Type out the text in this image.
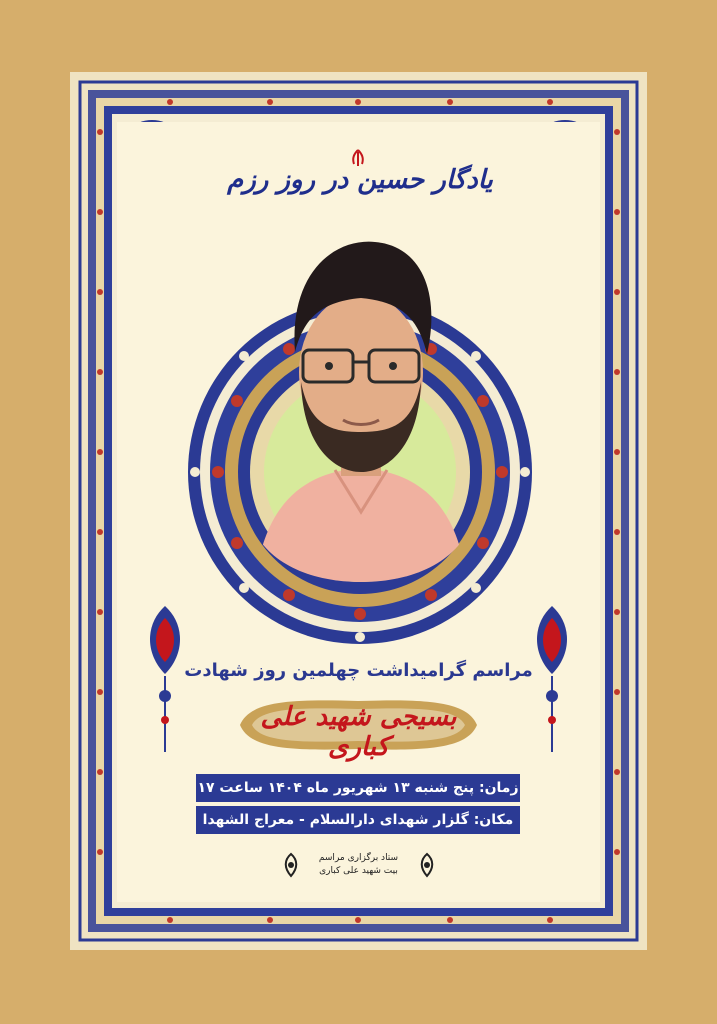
یادگار حسین در روز رزم
مراسم گرامیداشت چهلمین روز شهادت
بسیجی شهید علی کباری
زمان: پنج شنبه ۱۳ شهریور ماه ۱۴۰۴ ساعت ۱۷
مکان: گلزار شهدای دارالسلام - معراج الشهدا
ستاد برگزاری مراسم
بیت شهید علی کباری
